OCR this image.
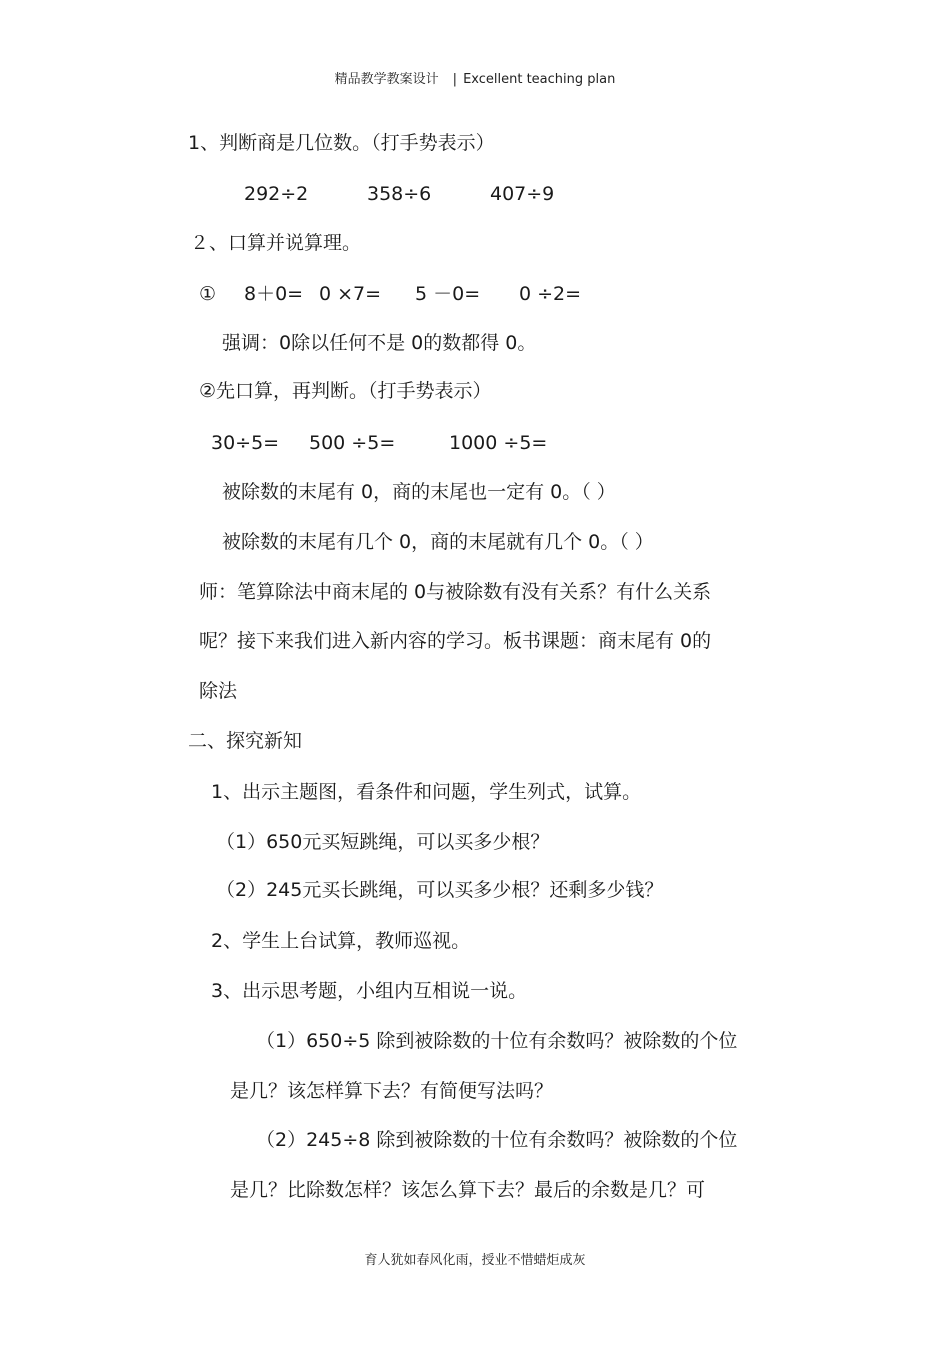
精品教学教案设计 | Excellent teaching plan
1、判断商是几位数。（打手势表示）
292÷2	358÷6	407÷9
２、口算并说算理。
① 8＋0= 0 ×7= 5 －0= 0 ÷2=
强调：0除以任何不是 0的数都得 0。
②先口算，再判断。（打手势表示）
30÷5= 500 ÷5=	1000 ÷5=
被除数的末尾有 0，商的末尾也一定有 0。（ ）
被除数的末尾有几个 0，商的末尾就有几个 0。（ ）
师：笔算除法中商末尾的 0与被除数有没有关系？有什么关系
呢？接下来我们进入新内容的学习。板书课题：商末尾有 0的
除法
二、探究新知
1、出示主题图，看条件和问题，学生列式，试算。
（1）650元买短跳绳，可以买多少根？
（2）245元买长跳绳，可以买多少根？还剩多少钱？
2、学生上台试算，教师巡视。
3、出示思考题，小组内互相说一说。
（1）650÷5 除到被除数的十位有余数吗？被除数的个位
是几？该怎样算下去？有简便写法吗？
（2）245÷8 除到被除数的十位有余数吗？被除数的个位
是几？比除数怎样？该怎么算下去？最后的余数是几？可
育人犹如春风化雨，授业不惜蜡炬成灰
